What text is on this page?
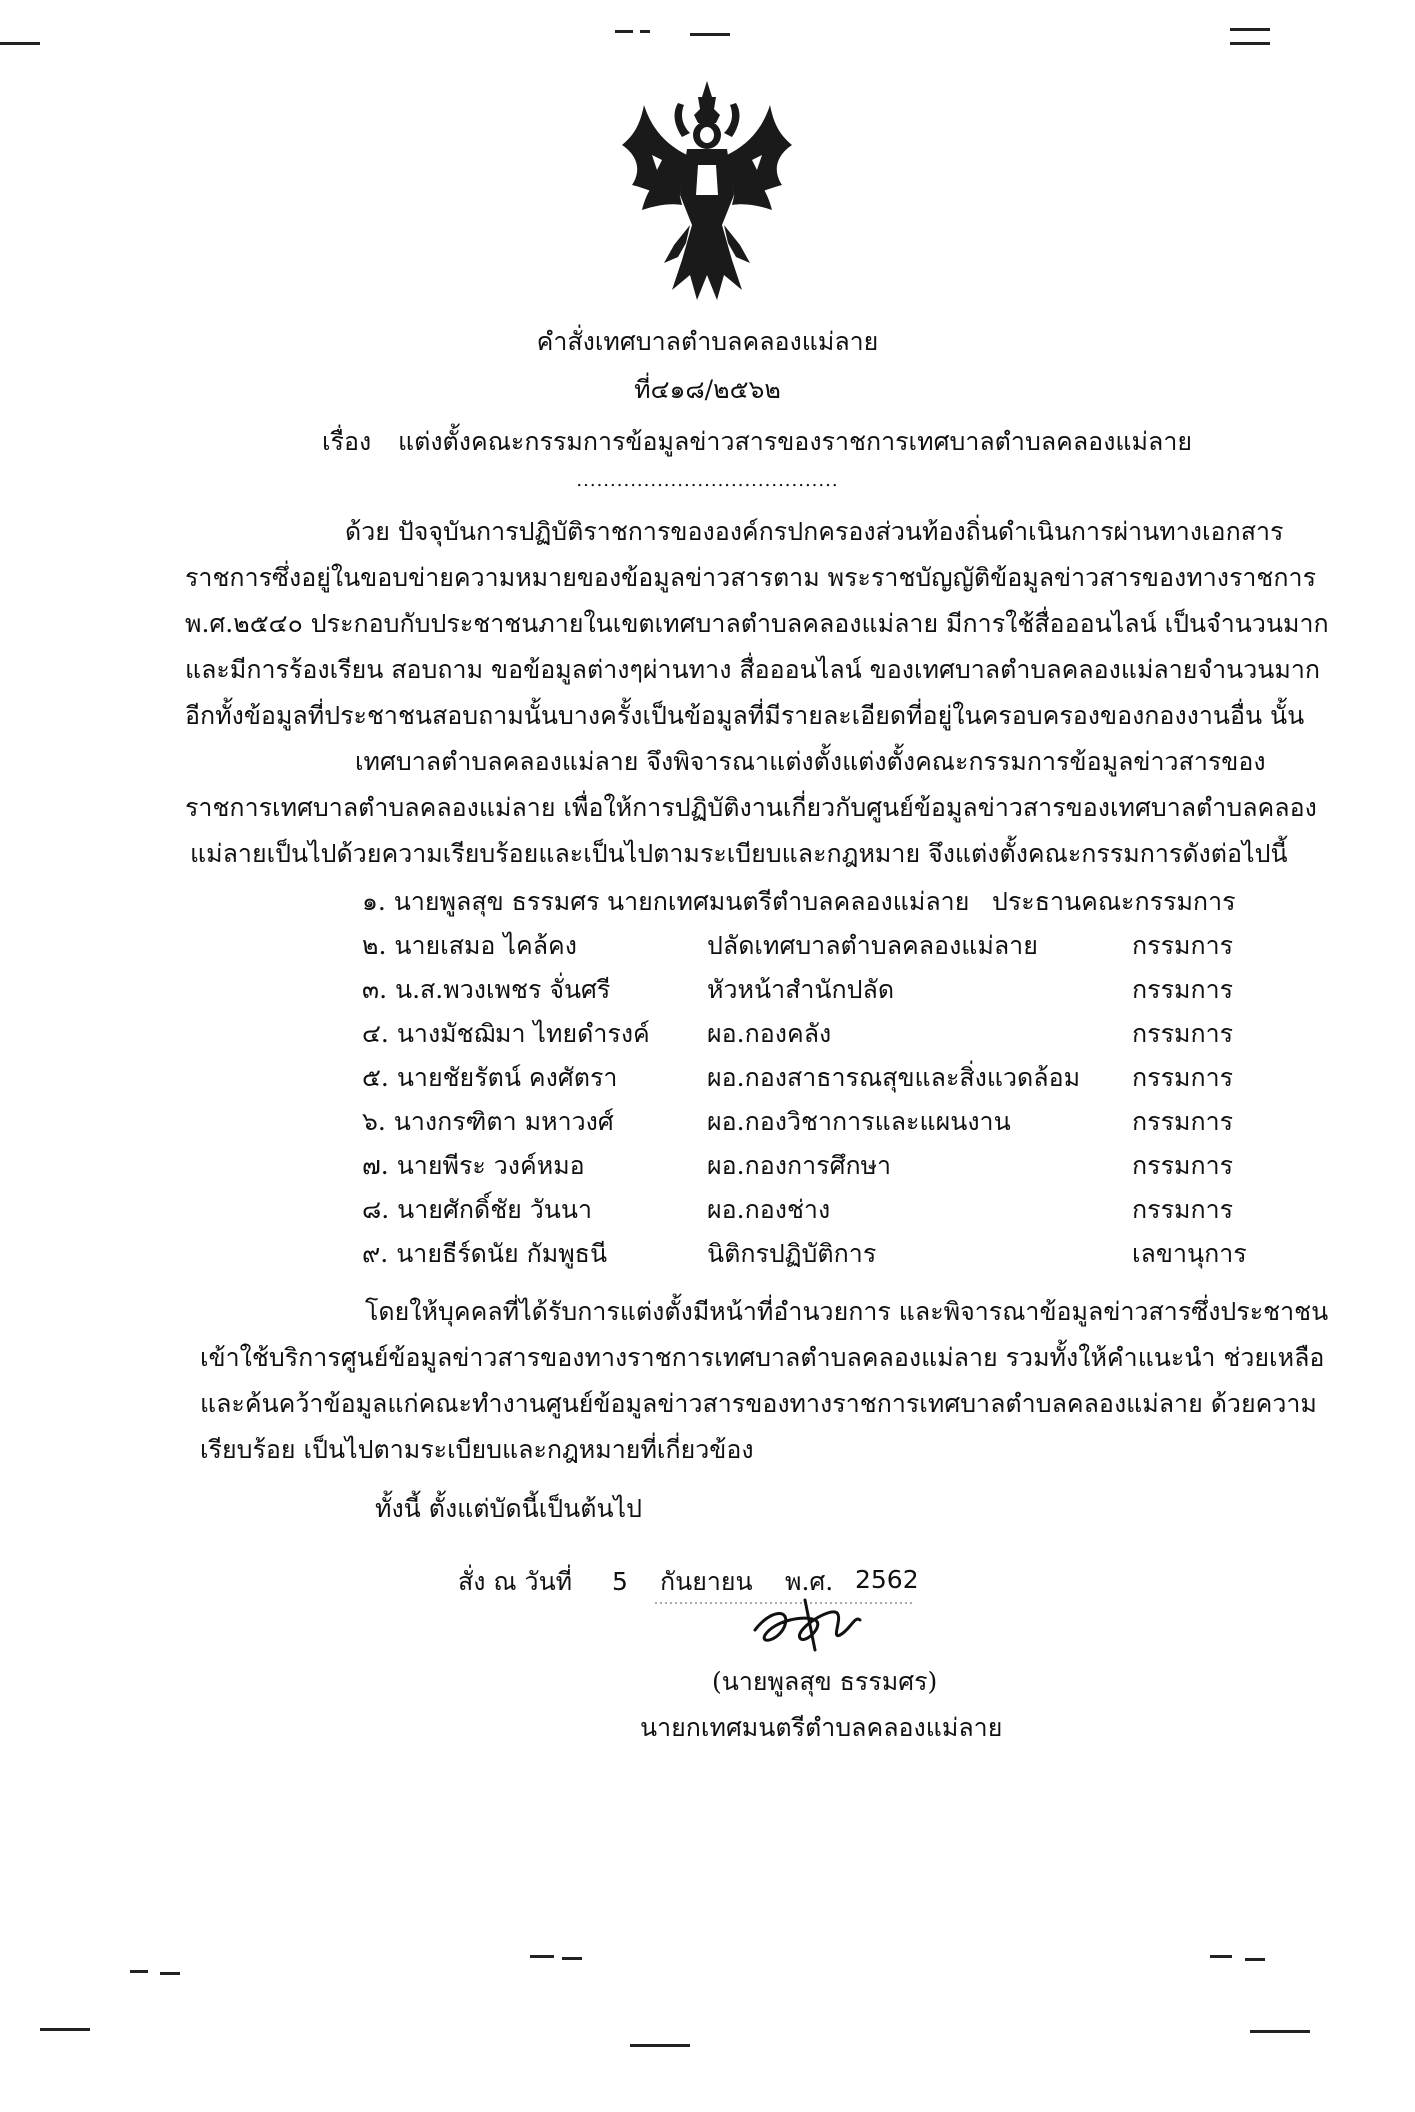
คำสั่งเทศบาลตำบลคลองแม่ลาย
ที่๔๑๘/๒๕๖๒
เรื่อง แต่งตั้งคณะกรรมการข้อมูลข่าวสารของราชการเทศบาลตำบลคลองแม่ลาย
.......................................
ด้วย ปัจจุบันการปฏิบัติราชการขององค์กรปกครองส่วนท้องถิ่นดำเนินการผ่านทางเอกสาร
ราชการซึ่งอยู่ในขอบข่ายความหมายของข้อมูลข่าวสารตาม พระราชบัญญัติข้อมูลข่าวสารของทางราชการ
พ.ศ.๒๕๔๐ ประกอบกับประชาชนภายในเขตเทศบาลตำบลคลองแม่ลาย มีการใช้สื่อออนไลน์ เป็นจำนวนมาก
และมีการร้องเรียน สอบถาม ขอข้อมูลต่างๆผ่านทาง สื่อออนไลน์ ของเทศบาลตำบลคลองแม่ลายจำนวนมาก
อีกทั้งข้อมูลที่ประชาชนสอบถามนั้นบางครั้งเป็นข้อมูลที่มีรายละเอียดที่อยู่ในครอบครองของกองงานอื่น นั้น
เทศบาลตำบลคลองแม่ลาย จึงพิจารณาแต่งตั้งแต่งตั้งคณะกรรมการข้อมูลข่าวสารของ
ราชการเทศบาลตำบลคลองแม่ลาย เพื่อให้การปฏิบัติงานเกี่ยวกับศูนย์ข้อมูลข่าวสารของเทศบาลตำบลคลอง
แม่ลายเป็นไปด้วยความเรียบร้อยและเป็นไปตามระเบียบและกฎหมาย จึงแต่งตั้งคณะกรรมการดังต่อไปนี้
๑. นายพูลสุข ธรรมศร นายกเทศมนตรีตำบลคลองแม่ลาย ประธานคณะกรรมการ
๒. นายเสมอ ไคล้คง	ปลัดเทศบาลตำบลคลองแม่ลาย	กรรมการ
๓. น.ส.พวงเพชร จั่นศรี	หัวหน้าสำนักปลัด	กรรมการ
๔. นางมัชฌิมา ไทยดำรงค์ ผอ.กองคลัง	กรรมการ
๕. นายชัยรัตน์ คงศัตรา	ผอ.กองสาธารณสุขและสิ่งแวดล้อม กรรมการ
๖. นางกรฑิตา มหาวงศ์	ผอ.กองวิชาการและแผนงาน	กรรมการ
๗. นายพีระ วงค์หมอ	ผอ.กองการศึกษา	กรรมการ
๘. นายศักดิ์ชัย วันนา	ผอ.กองช่าง	กรรมการ
๙. นายธีร์ดนัย กัมพูธนี	นิติกรปฏิบัติการ	เลขานุการ
โดยให้บุคคลที่ได้รับการแต่งตั้งมีหน้าที่อำนวยการ และพิจารณาข้อมูลข่าวสารซึ่งประชาชน
เข้าใช้บริการศูนย์ข้อมูลข่าวสารของทางราชการเทศบาลตำบลคลองแม่ลาย รวมทั้งให้คำแนะนำ ช่วยเหลือ
และค้นคว้าข้อมูลแก่คณะทำงานศูนย์ข้อมูลข่าวสารของทางราชการเทศบาลตำบลคลองแม่ลาย ด้วยความ
เรียบร้อย เป็นไปตามระเบียบและกฎหมายที่เกี่ยวข้อง
ทั้งนี้ ตั้งแต่บัดนี้เป็นต้นไป
สั่ง ณ วันที่ 5 กันยายน พ.ศ. 2562
(นายพูลสุข ธรรมศร)
นายกเทศมนตรีตำบลคลองแม่ลาย
